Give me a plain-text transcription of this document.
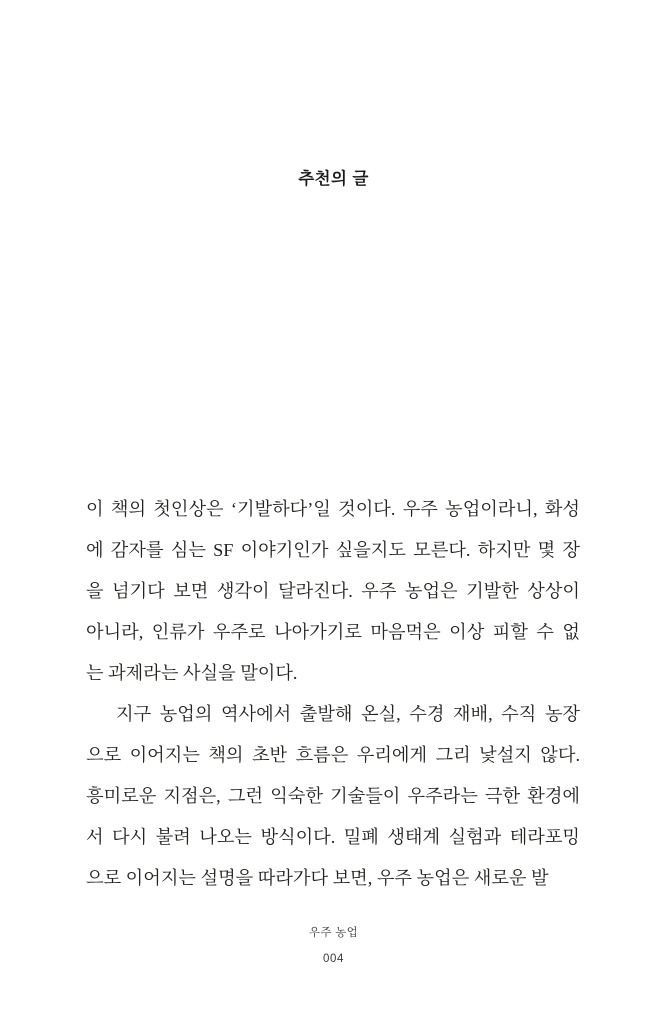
추천의 글
이 책의 첫인상은 ‘기발하다’일 것이다. 우주 농업이라니, 화성
에 감자를 심는 SF 이야기인가 싶을지도 모른다. 하지만 몇 장
을 넘기다 보면 생각이 달라진다. 우주 농업은 기발한 상상이
아니라, 인류가 우주로 나아가기로 마음먹은 이상 피할 수 없
는 과제라는 사실을 말이다.
지구 농업의 역사에서 출발해 온실, 수경 재배, 수직 농장
으로 이어지는 책의 초반 흐름은 우리에게 그리 낯설지 않다.
흥미로운 지점은, 그런 익숙한 기술들이 우주라는 극한 환경에
서 다시 불려 나오는 방식이다. 밀폐 생태계 실험과 테라포밍
으로 이어지는 설명을 따라가다 보면, 우주 농업은 새로운 발
우주 농업
004
